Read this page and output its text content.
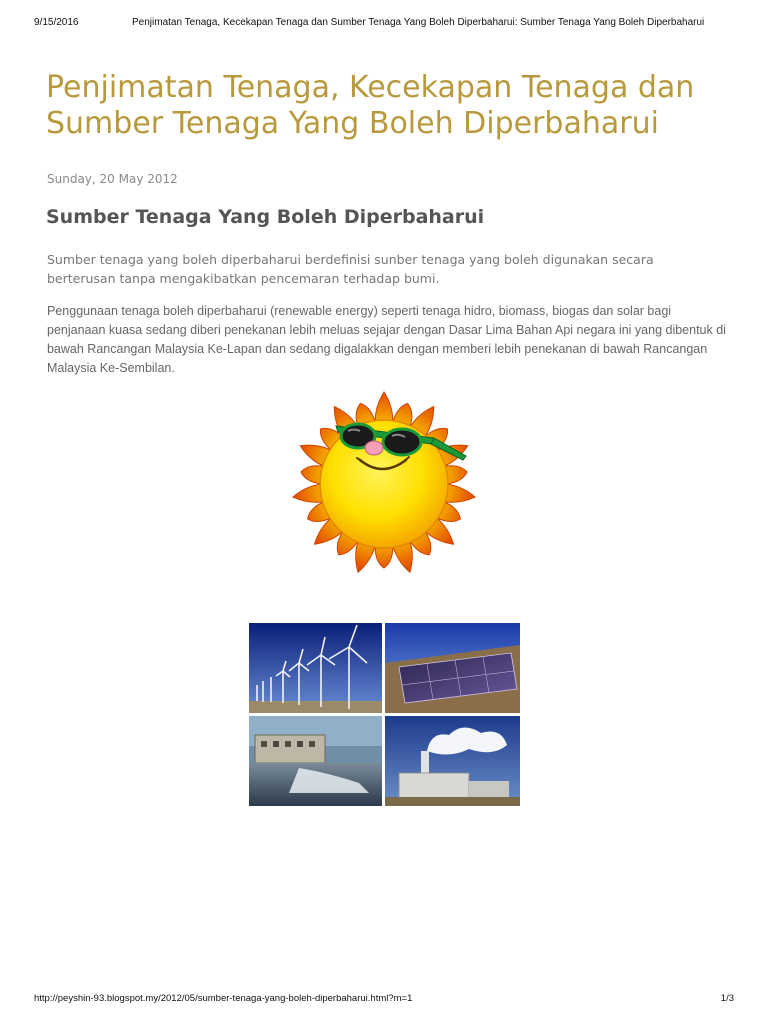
9/15/2016	Penjimatan Tenaga, Kecekapan Tenaga dan Sumber Tenaga Yang Boleh Diperbaharui: Sumber Tenaga Yang Boleh Diperbaharui
Penjimatan Tenaga, Kecekapan Tenaga dan Sumber Tenaga Yang Boleh Diperbaharui
Sunday, 20 May 2012
Sumber Tenaga Yang Boleh Diperbaharui

Sumber tenaga yang boleh diperbaharui berdefinisi sunber tenaga yang boleh digunakan secara berterusan tanpa mengakibatkan pencemaran terhadap bumi.

Penggunaan tenaga boleh diperbaharui (renewable energy) seperti tenaga hidro, biomass, biogas dan solar bagi penjanaan kuasa sedang diberi penekanan lebih meluas sejajar dengan Dasar Lima Bahan Api negara ini yang dibentuk di bawah Rancangan Malaysia Ke-Lapan dan sedang digalakkan dengan memberi lebih penekanan di bawah Rancangan Malaysia Ke-Sembilan.

http://peyshin-93.blogspot.my/2012/05/sumber-tenaga-yang-boleh-diperbaharui.html?m=1	1/3
